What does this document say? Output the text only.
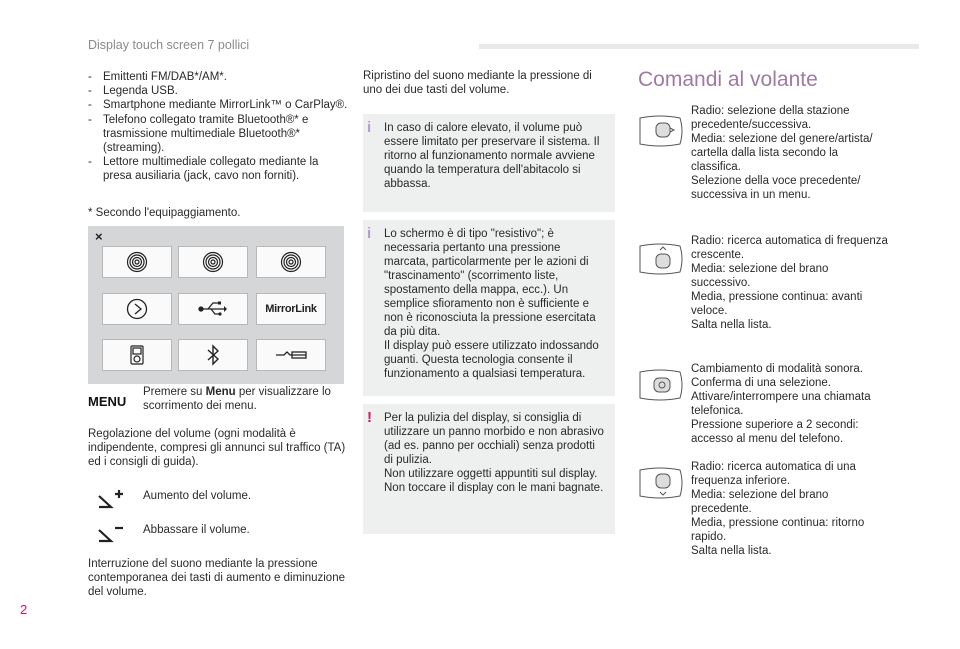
Display touch screen 7 pollici
- Emittenti FM/DAB*/AM*.
- Legenda USB.
- Smartphone mediante MirrorLink™ o CarPlay®.
- Telefono collegato tramite Bluetooth®* e trasmissione multimediale Bluetooth®* (streaming).
- Lettore multimediale collegato mediante la presa ausiliaria (jack, cavo non forniti).
* Secondo l'equipaggiamento.
×
MirrorLink
MENU
Premere su Menu per visualizzare lo scorrimento dei menu.
Regolazione del volume (ogni modalità è indipendente, compresi gli annunci sul traffico (TA) ed i consigli di guida).
Aumento del volume.
Abbassare il volume.
Interruzione del suono mediante la pressione contemporanea dei tasti di aumento e diminuzione del volume.
Ripristino del suono mediante la pressione di uno dei due tasti del volume.
i In caso di calore elevato, il volume può essere limitato per preservare il sistema. Il ritorno al funzionamento normale avviene quando la temperatura dell'abitacolo si abbassa.
i Lo schermo è di tipo "resistivo"; è necessaria pertanto una pressione marcata, particolarmente per le azioni di "trascinamento" (scorrimento liste, spostamento della mappa, ecc.). Un semplice sfioramento non è sufficiente e non è riconosciuta la pressione esercitata da più dita.
Il display può essere utilizzato indossando guanti. Questa tecnologia consente il funzionamento a qualsiasi temperatura.
! Per la pulizia del display, si consiglia di utilizzare un panno morbido e non abrasivo (ad es. panno per occhiali) senza prodotti di pulizia.
Non utilizzare oggetti appuntiti sul display. Non toccare il display con le mani bagnate.
Comandi al volante
Radio: selezione della stazione precedente/successiva.
Media: selezione del genere/artista/ cartella dalla lista secondo la classifica.
Selezione della voce precedente/ successiva in un menu.
Radio: ricerca automatica di frequenza crescente.
Media: selezione del brano successivo.
Media, pressione continua: avanti veloce.
Salta nella lista.
Cambiamento di modalità sonora.
Conferma di una selezione.
Attivare/interrompere una chiamata telefonica.
Pressione superiore a 2 secondi: accesso al menu del telefono.
Radio: ricerca automatica di una frequenza inferiore.
Media: selezione del brano precedente.
Media, pressione continua: ritorno rapido.
Salta nella lista.
2
